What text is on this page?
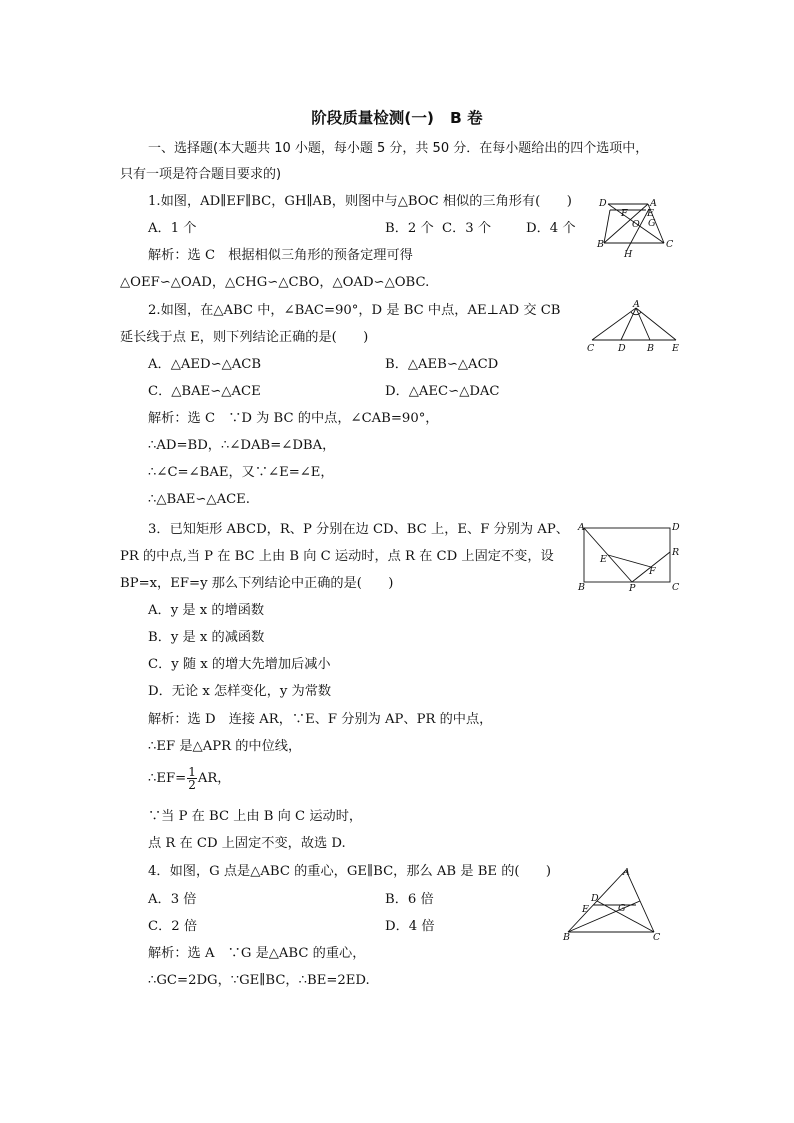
阶段质量检测(一) B 卷
一、选择题(本大题共 10 小题，每小题 5 分，共 50 分．在每小题给出的四个选项中，
只有一项是符合题目要求的)
1.如图，AD∥EF∥BC，GH∥AB，则图中与△BOC 相似的三角形有(　　)
A．1 个	B．2 个 C．3 个	D．4 个
解析：选 C　根据相似三角形的预备定理可得
△OEF∽△OAD，△CHG∽△CBO，△OAD∽△OBC.
D	A
F E
O G
B
H
C
2.如图，在△ABC 中，∠BAC=90°，D 是 BC 中点，AE⊥AD 交 CB
延长线于点 E，则下列结论正确的是(　　)
A．△AED∽△ACB	B．△AEB∽△ACD
C．△BAE∽△ACE	D．△AEC∽△DAC
解析：选 C　∵D 为 BC 的中点，∠CAB=90°，
∴AD=BD，∴∠DAB=∠DBA，
∴∠C=∠BAE，又∵∠E=∠E，
∴△BAE∽△ACE.
A
C D B E
3．已知矩形 ABCD，R、P 分别在边 CD、BC 上，E、F 分别为 AP、
PR 的中点,当 P 在 BC 上由 B 向 C 运动时，点 R 在 CD 上固定不变，设
BP=x，EF=y 那么下列结论中正确的是(　　)
A．y 是 x 的增函数
B．y 是 x 的减函数
C．y 随 x 的增大先增加后减小
D．无论 x 怎样变化，y 为常数
解析：选 D　连接 AR，∵E、F 分别为 AP、PR 的中点，
∴EF 是△APR 的中位线，
∴EF= $\frac{1}{2}$ AR，
∵当 P 在 BC 上由 B 向 C 运动时，
点 R 在 CD 上固定不变，故选 D.
A	D
R
E
F
B	P	C
4．如图，G 点是△ABC 的重心，GE∥BC，那么 AB 是 BE 的(　　)
A．3 倍	B．6 倍
C．2 倍	D．4 倍
解析：选 A　∵G 是△ABC 的重心，
∴GC=2DG，∵GE∥BC，∴BE=2ED.
A
D
E	G
B	C
